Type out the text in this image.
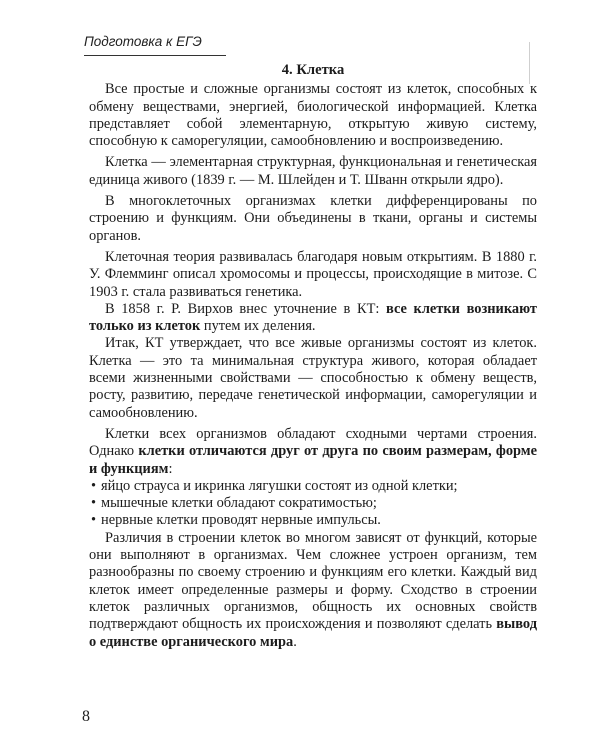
Подготовка к ЕГЭ
4. Клетка

Все простые и сложные организмы состоят из клеток, способных к обмену веществами, энергией, биологической информацией. Клетка представляет собой элементарную, открытую живую систему, способную к саморегуляции, самообновлению и воспроизведению.

Клетка — элементарная структурная, функциональная и генетическая единица живого (1839 г. — М. Шлейден и Т. Шванн открыли ядро).

В многоклеточных организмах клетки дифференцированы по строению и функциям. Они объединены в ткани, органы и системы органов.

Клеточная теория развивалась благодаря новым открытиям. В 1880 г. У. Флемминг описал хромосомы и процессы, происходящие в митозе. С 1903 г. стала развиваться генетика.

В 1858 г. Р. Вирхов внес уточнение в КТ: все клетки возникают только из клеток путем их деления.

Итак, КТ утверждает, что все живые организмы состоят из клеток. Клетка — это та минимальная структура живого, которая обладает всеми жизненными свойствами — способностью к обмену веществ, росту, развитию, передаче генетической информации, саморегуляции и самообновлению.

Клетки всех организмов обладают сходными чертами строения. Однако клетки отличаются друг от друга по своим размерам, форме и функциям:

• яйцо страуса и икринка лягушки состоят из одной клетки;
• мышечные клетки обладают сократимостью;
• нервные клетки проводят нервные импульсы.

Различия в строении клеток во многом зависят от функций, которые они выполняют в организмах. Чем сложнее устроен организм, тем разнообразны по своему строению и функциям его клетки. Каждый вид клеток имеет определенные размеры и форму. Сходство в строении клеток различных организмов, общность их основных свойств подтверждают общность их происхождения и позволяют сделать вывод о единстве органического мира.

8
